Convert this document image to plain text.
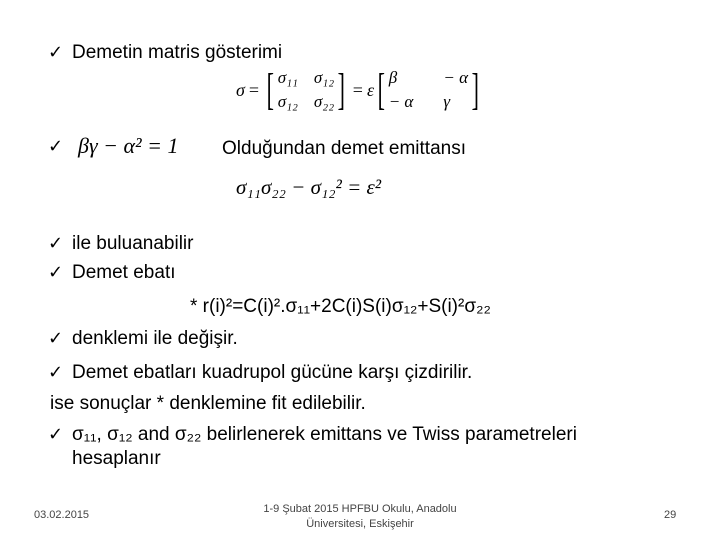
✓ Demetin matris gösterimi
σ = [ σ₁₁ σ₁₂
σ₁₂ σ₂₂ ] = ε [ β	− α
− α γ ]
✓ βγ − α² = 1 Olduğundan demet emittansı
σ₁₁σ₂₂ − σ₁₂² = ε²
✓ ile buluanabilir
✓ Demet ebatı
* r(i)²=C(i)².σ₁₁+2C(i)S(i)σ₁₂+S(i)²σ₂₂
✓ denklemi ile değişir.
✓ Demet ebatları kuadrupol gücüne karşı çizdirilir.
ise sonuçlar * denklemine fit edilebilir.
✓ σ₁₁, σ₁₂ and σ₂₂ belirlenerek emittans ve Twiss parametreleri
hesaplanır
03.02.2015	1-9 Şubat 2015 HPFBU Okulu, Anadolu
Üniversitesi, Eskişehir
29
